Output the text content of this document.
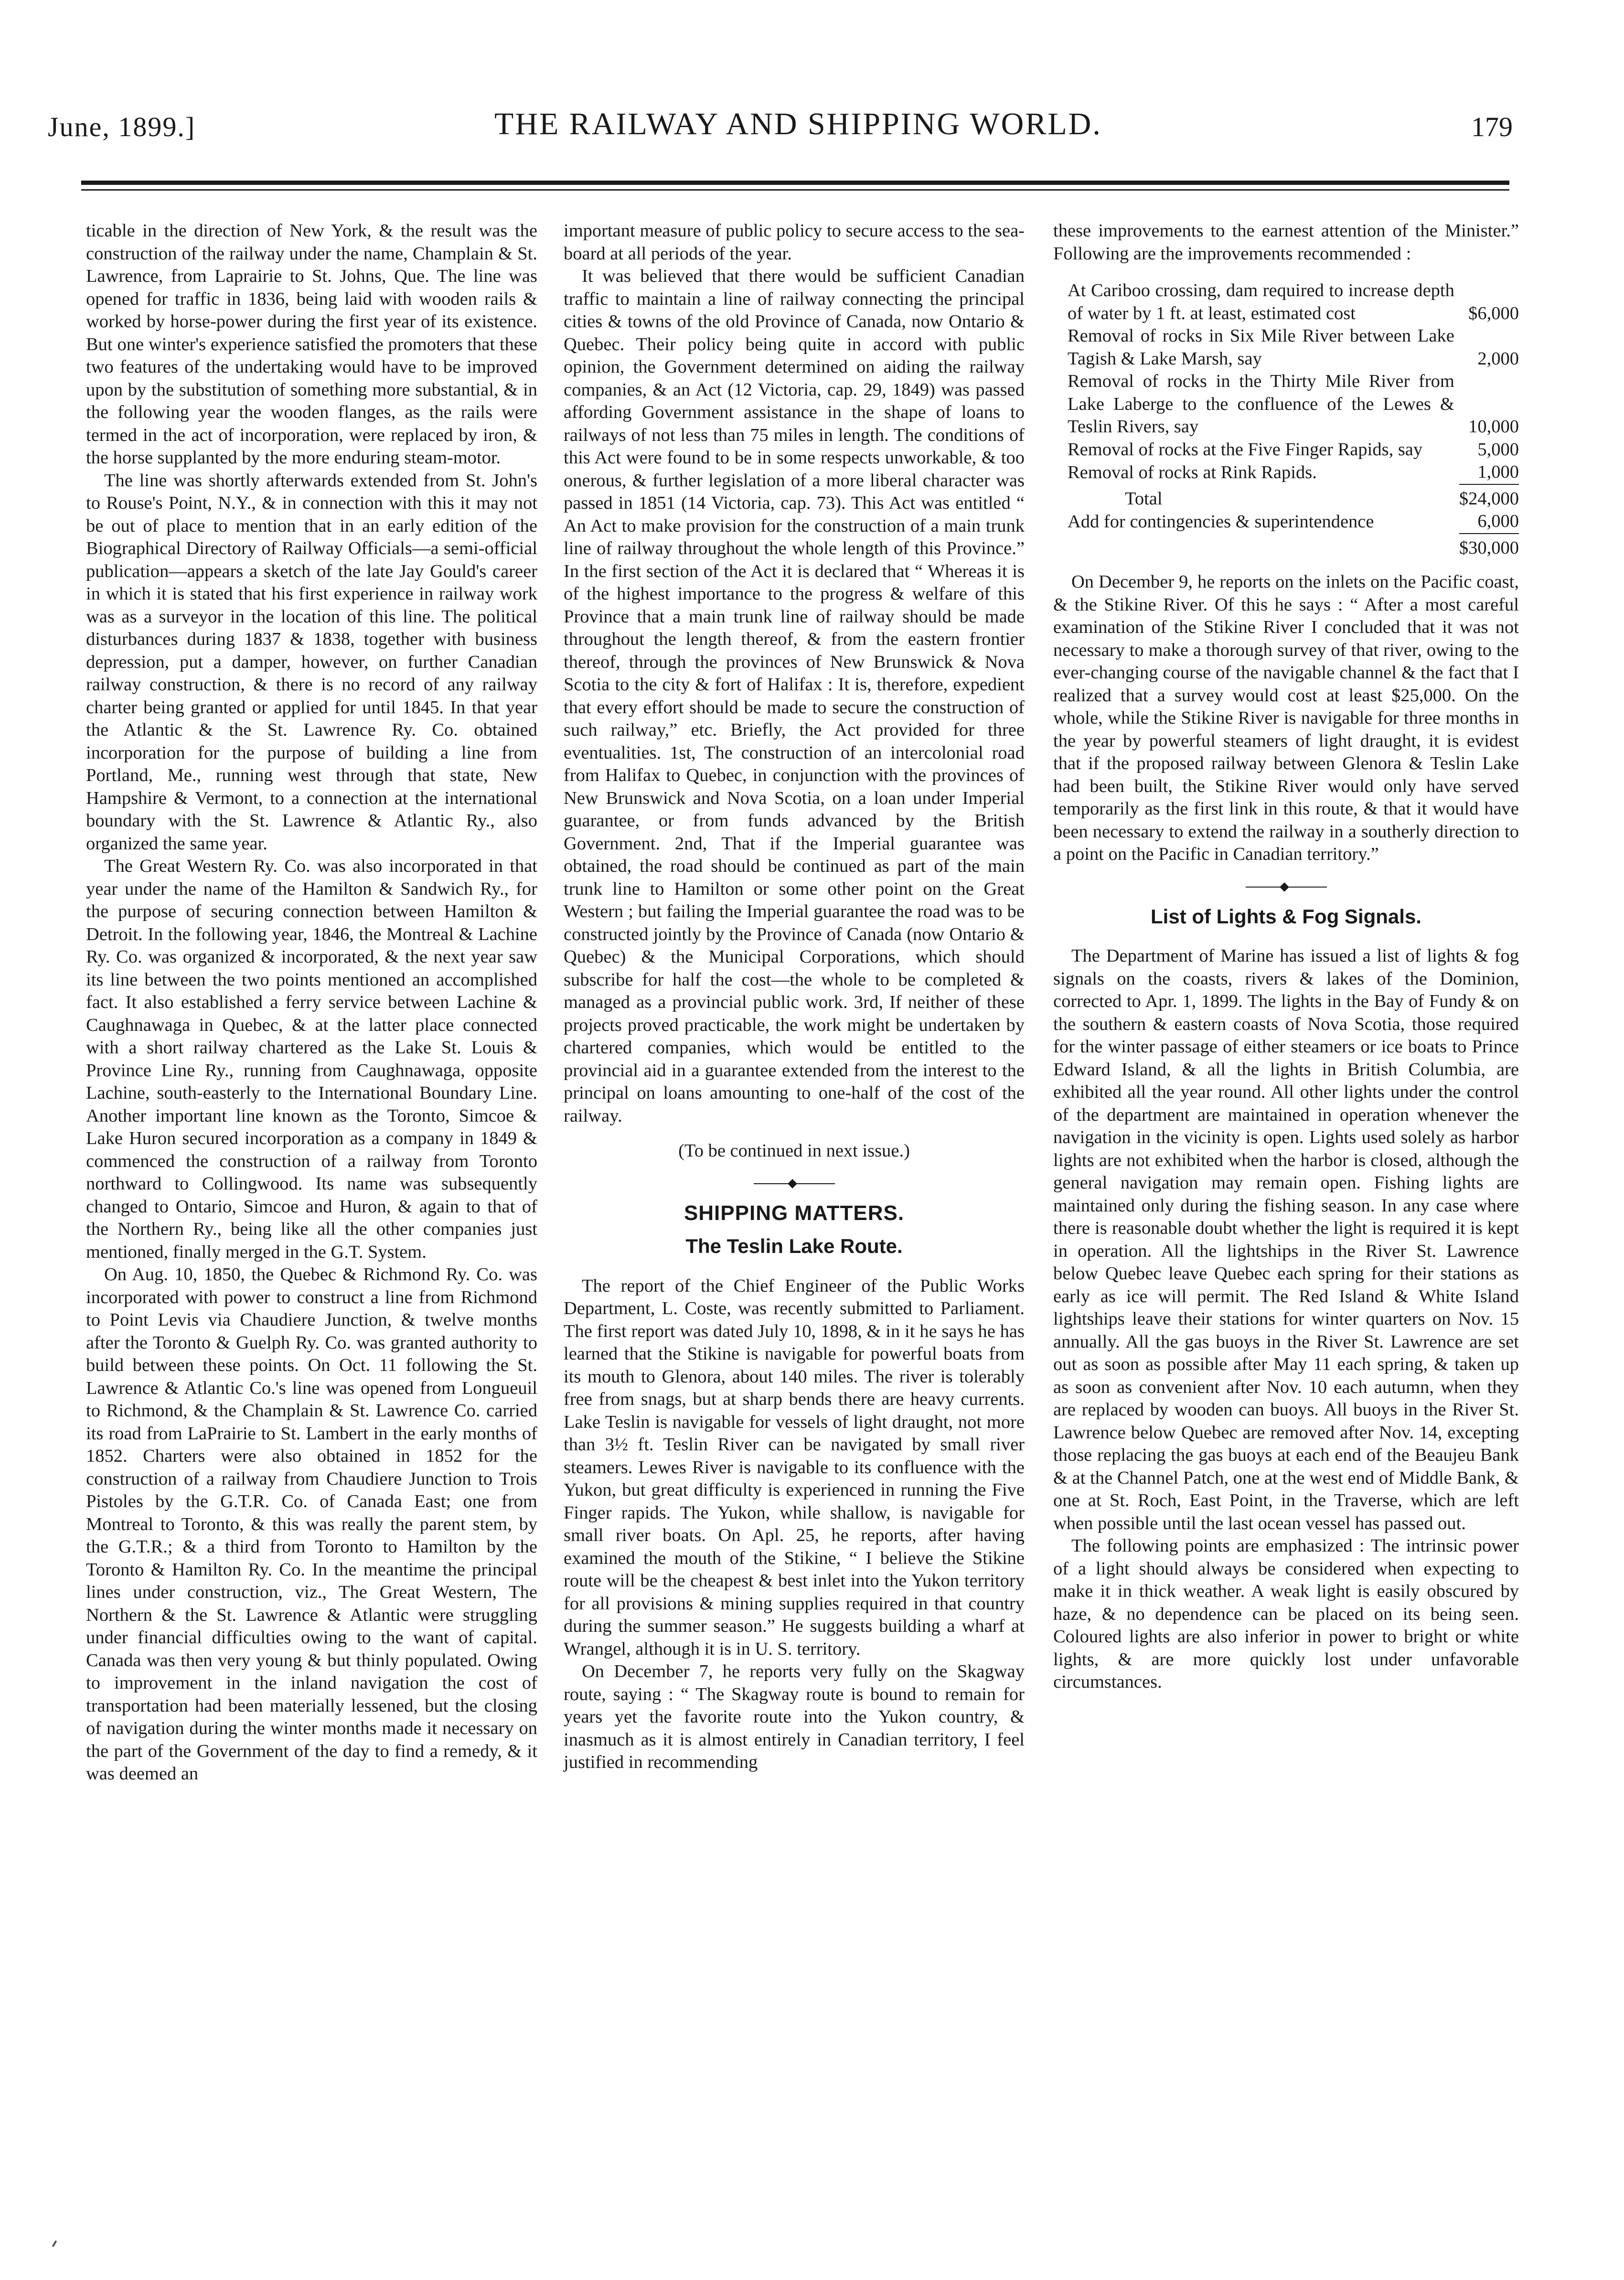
June, 1899.]	THE RAILWAY AND SHIPPING WORLD.	179

ticable in the direction of New York, & the result was the construction of the railway under the name, Champlain & St. Lawrence, from Laprairie to St. Johns, Que. The line was opened for traffic in 1836, being laid with wooden rails & worked by horse-power during the first year of its existence. But one winter's experience satisfied the promoters that these two features of the undertaking would have to be improved upon by the substitution of something more substantial, & in the following year the wooden flanges, as the rails were termed in the act of incorporation, were replaced by iron, & the horse supplanted by the more enduring steam-motor.

The line was shortly afterwards extended from St. John's to Rouse's Point, N.Y., & in connection with this it may not be out of place to mention that in an early edition of the Biographical Directory of Railway Officials—a semi-official publication—appears a sketch of the late Jay Gould's career in which it is stated that his first experience in railway work was as a surveyor in the location of this line. The political disturbances during 1837 & 1838, together with business depression, put a damper, however, on further Canadian railway construction, & there is no record of any railway charter being granted or applied for until 1845. In that year the Atlantic & the St. Lawrence Ry. Co. obtained incorporation for the purpose of building a line from Portland, Me., running west through that state, New Hampshire & Vermont, to a connection at the international boundary with the St. Lawrence & Atlantic Ry., also organized the same year.

The Great Western Ry. Co. was also incorporated in that year under the name of the Hamilton & Sandwich Ry., for the purpose of securing connection between Hamilton & Detroit. In the following year, 1846, the Montreal & Lachine Ry. Co. was organized & incorporated, & the next year saw its line between the two points mentioned an accomplished fact. It also established a ferry service between Lachine & Caughnawaga in Quebec, & at the latter place connected with a short railway chartered as the Lake St. Louis & Province Line Ry., running from Caughnawaga, opposite Lachine, south-easterly to the International Boundary Line. Another important line known as the Toronto, Simcoe & Lake Huron secured incorporation as a company in 1849 & commenced the construction of a railway from Toronto northward to Collingwood. Its name was subsequently changed to Ontario, Simcoe and Huron, & again to that of the Northern Ry., being like all the other companies just mentioned, finally merged in the G.T. System.

On Aug. 10, 1850, the Quebec & Richmond Ry. Co. was incorporated with power to construct a line from Richmond to Point Levis via Chaudiere Junction, & twelve months after the Toronto & Guelph Ry. Co. was granted authority to build between these points. On Oct. 11 following the St. Lawrence & Atlantic Co.'s line was opened from Longueuil to Richmond, & the Champlain & St. Lawrence Co. carried its road from LaPrairie to St. Lambert in the early months of 1852. Charters were also obtained in 1852 for the construction of a railway from Chaudiere Junction to Trois Pistoles by the G.T.R. Co. of Canada East; one from Montreal to Toronto, & this was really the parent stem, by the G.T.R.; & a third from Toronto to Hamilton by the Toronto & Hamilton Ry. Co. In the meantime the principal lines under construction, viz., The Great Western, The Northern & the St. Lawrence & Atlantic were struggling under financial difficulties owing to the want of capital. Canada was then very young & but thinly populated. Owing to improvement in the inland navigation the cost of transportation had been materially lessened, but the closing of navigation during the winter months made it necessary on the part of the Government of the day to find a remedy, & it was deemed an

important measure of public policy to secure access to the sea-board at all periods of the year.

It was believed that there would be sufficient Canadian traffic to maintain a line of railway connecting the principal cities & towns of the old Province of Canada, now Ontario & Quebec. Their policy being quite in accord with public opinion, the Government determined on aiding the railway companies, & an Act (12 Victoria, cap. 29, 1849) was passed affording Government assistance in the shape of loans to railways of not less than 75 miles in length. The conditions of this Act were found to be in some respects unworkable, & too onerous, & further legislation of a more liberal character was passed in 1851 (14 Victoria, cap. 73). This Act was entitled “ An Act to make provision for the construction of a main trunk line of railway throughout the whole length of this Province.” In the first section of the Act it is declared that “ Whereas it is of the highest importance to the progress & welfare of this Province that a main trunk line of railway should be made throughout the length thereof, & from the eastern frontier thereof, through the provinces of New Brunswick & Nova Scotia to the city & fort of Halifax : It is, therefore, expedient that every effort should be made to secure the construction of such railway,” etc. Briefly, the Act provided for three eventualities. 1st, The construction of an intercolonial road from Halifax to Quebec, in conjunction with the provinces of New Brunswick and Nova Scotia, on a loan under Imperial guarantee, or from funds advanced by the British Government. 2nd, That if the Imperial guarantee was obtained, the road should be continued as part of the main trunk line to Hamilton or some other point on the Great Western ; but failing the Imperial guarantee the road was to be constructed jointly by the Province of Canada (now Ontario & Quebec) & the Municipal Corporations, which should subscribe for half the cost—the whole to be completed & managed as a provincial public work. 3rd, If neither of these projects proved practicable, the work might be undertaken by chartered companies, which would be entitled to the provincial aid in a guarantee extended from the interest to the principal on loans amounting to one-half of the cost of the railway.

(To be continued in next issue.)

SHIPPING MATTERS.
The Teslin Lake Route.

The report of the Chief Engineer of the Public Works Department, L. Coste, was recently submitted to Parliament. The first report was dated July 10, 1898, & in it he says he has learned that the Stikine is navigable for powerful boats from its mouth to Glenora, about 140 miles. The river is tolerably free from snags, but at sharp bends there are heavy currents. Lake Teslin is navigable for vessels of light draught, not more than 3½ ft. Teslin River can be navigated by small river steamers. Lewes River is navigable to its confluence with the Yukon, but great difficulty is experienced in running the Five Finger rapids. The Yukon, while shallow, is navigable for small river boats. On Apl. 25, he reports, after having examined the mouth of the Stikine, “ I believe the Stikine route will be the cheapest & best inlet into the Yukon territory for all provisions & mining supplies required in that country during the summer season.” He suggests building a wharf at Wrangel, although it is in U. S. territory.

On December 7, he reports very fully on the Skagway route, saying : “ The Skagway route is bound to remain for years yet the favorite route into the Yukon country, & inasmuch as it is almost entirely in Canadian territory, I feel justified in recommending

these improvements to the earnest attention of the Minister.” Following are the improvements recommended :

At Cariboo crossing, dam required to increase depth of water by 1 ft. at least, estimated cost	$6,000
Removal of rocks in Six Mile River between Lake Tagish & Lake Marsh, say	2,000
Removal of rocks in the Thirty Mile River from Lake Laberge to the confluence of the Lewes & Teslin Rivers, say	10,000
Removal of rocks at the Five Finger Rapids, say	5,000
Removal of rocks at Rink Rapids.	1,000
Total	$24,000
Add for contingencies & superintendence	6,000
	$30,000

On December 9, he reports on the inlets on the Pacific coast, & the Stikine River. Of this he says : “ After a most careful examination of the Stikine River I concluded that it was not necessary to make a thorough survey of that river, owing to the ever-changing course of the navigable channel & the fact that I realized that a survey would cost at least $25,000. On the whole, while the Stikine River is navigable for three months in the year by powerful steamers of light draught, it is evidest that if the proposed railway between Glenora & Teslin Lake had been built, the Stikine River would only have served temporarily as the first link in this route, & that it would have been necessary to extend the railway in a southerly direction to a point on the Pacific in Canadian territory.”

List of Lights & Fog Signals.

The Department of Marine has issued a list of lights & fog signals on the coasts, rivers & lakes of the Dominion, corrected to Apr. 1, 1899. The lights in the Bay of Fundy & on the southern & eastern coasts of Nova Scotia, those required for the winter passage of either steamers or ice boats to Prince Edward Island, & all the lights in British Columbia, are exhibited all the year round. All other lights under the control of the department are maintained in operation whenever the navigation in the vicinity is open. Lights used solely as harbor lights are not exhibited when the harbor is closed, although the general navigation may remain open. Fishing lights are maintained only during the fishing season. In any case where there is reasonable doubt whether the light is required it is kept in operation. All the lightships in the River St. Lawrence below Quebec leave Quebec each spring for their stations as early as ice will permit. The Red Island & White Island lightships leave their stations for winter quarters on Nov. 15 annually. All the gas buoys in the River St. Lawrence are set out as soon as possible after May 11 each spring, & taken up as soon as convenient after Nov. 10 each autumn, when they are replaced by wooden can buoys. All buoys in the River St. Lawrence below Quebec are removed after Nov. 14, excepting those replacing the gas buoys at each end of the Beaujeu Bank & at the Channel Patch, one at the west end of Middle Bank, & one at St. Roch, East Point, in the Traverse, which are left when possible until the last ocean vessel has passed out.

The following points are emphasized : The intrinsic power of a light should always be considered when expecting to make it in thick weather. A weak light is easily obscured by haze, & no dependence can be placed on its being seen. Coloured lights are also inferior in power to bright or white lights, & are more quickly lost under unfavorable circumstances.
